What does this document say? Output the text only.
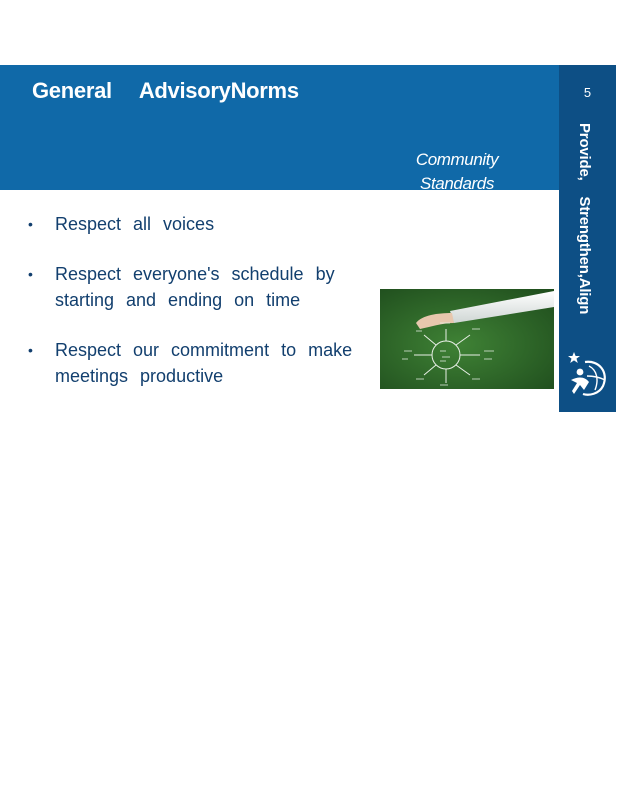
General AdvisoryNorms
Community
Standards
5
Provide, Strengthen,Align
• Respect all voices
• Respect everyone's schedule by starting and ending on time
• Respect our commitment to make meetings productive
